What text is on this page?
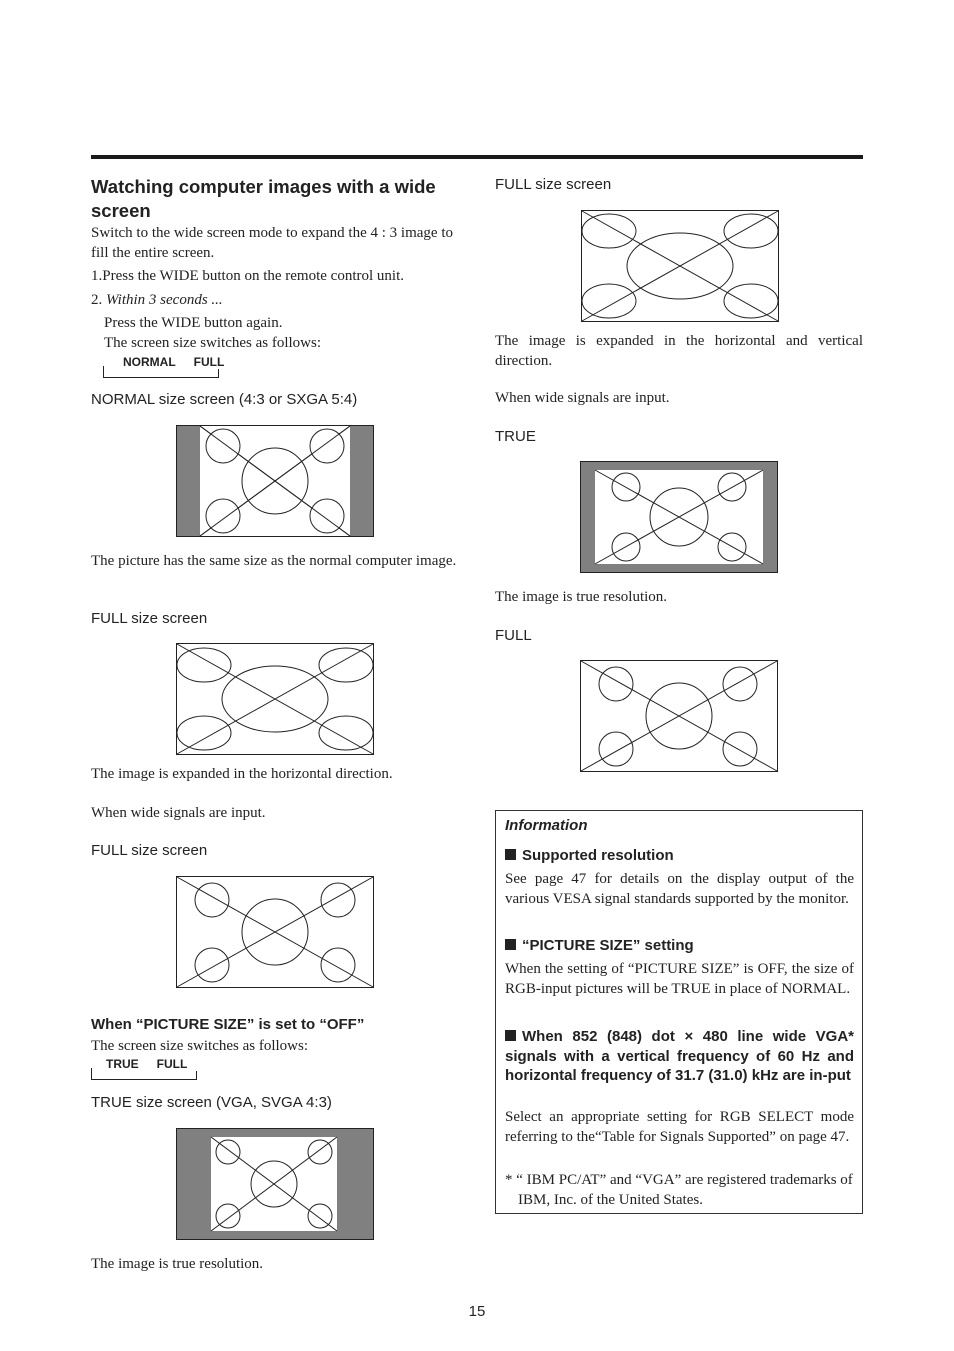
Watching computer images with a wide screen
Switch to the wide screen mode to expand the 4 : 3 image to fill the entire screen.
1.Press the WIDE button on the remote control unit.
2. Within 3 seconds ...
Press the WIDE button again.
The screen size switches as follows:
NORMAL FULL
NORMAL size screen (4:3 or SXGA 5:4)
The picture has the same size as the normal computer image.
FULL size screen
The image is expanded in the horizontal direction.
When wide signals are input.
FULL size screen
When “PICTURE SIZE” is set to “OFF”
The screen size switches as follows:
TRUE FULL
TRUE size screen (VGA, SVGA 4:3)
The image is true resolution.
FULL size screen
The image is expanded in the horizontal and vertical direction.
When wide signals are input.
TRUE
The image is true resolution.
FULL
Information
Supported resolution
See page 47 for details on the display output of the various VESA signal standards supported by the monitor.
“PICTURE SIZE” setting
When the setting of “PICTURE SIZE” is OFF, the size of RGB-input pictures will be TRUE in place of NORMAL.
When 852 (848) dot × 480 line wide VGA* signals with a vertical frequency of 60 Hz and horizontal frequency of 31.7 (31.0) kHz are in-put
Select an appropriate setting for RGB SELECT mode referring to the“Table for Signals Supported” on page 47.
* “ IBM PC/AT” and “VGA” are registered trademarks of IBM, Inc. of the United States.
15
